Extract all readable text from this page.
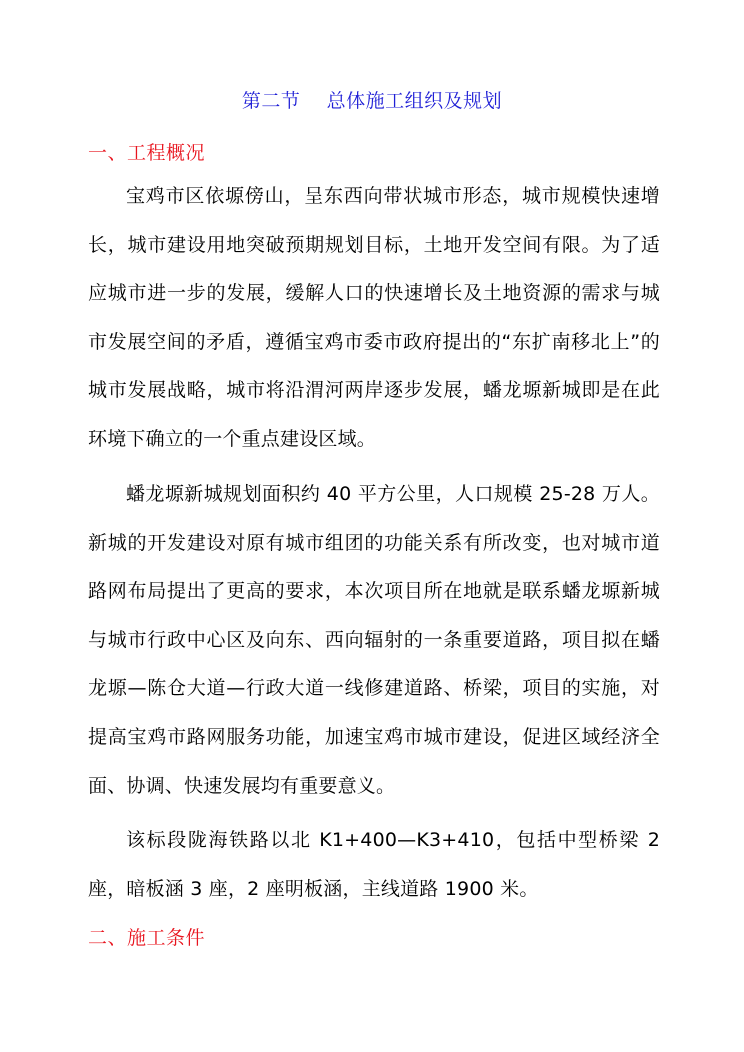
第二节    总体施工组织及规划
一、工程概况

宝鸡市区依塬傍山，呈东西向带状城市形态，城市规模快速增长，城市建设用地突破预期规划目标，土地开发空间有限。为了适应城市进一步的发展，缓解人口的快速增长及土地资源的需求与城市发展空间的矛盾，遵循宝鸡市委市政府提出的“东扩南移北上”的城市发展战略，城市将沿渭河两岸逐步发展，蟠龙塬新城即是在此环境下确立的一个重点建设区域。

蟠龙塬新城规划面积约 40 平方公里，人口规模 25-28 万人。新城的开发建设对原有城市组团的功能关系有所改变，也对城市道路网布局提出了更高的要求，本次项目所在地就是联系蟠龙塬新城与城市行政中心区及向东、西向辐射的一条重要道路，项目拟在蟠龙塬—陈仓大道—行政大道一线修建道路、桥梁，项目的实施，对提高宝鸡市路网服务功能，加速宝鸡市城市建设，促进区域经济全面、协调、快速发展均有重要意义。

该标段陇海铁路以北 K1+400—K3+410，包括中型桥梁 2 座，暗板涵 3 座，2 座明板涵，主线道路 1900 米。

二、施工条件
